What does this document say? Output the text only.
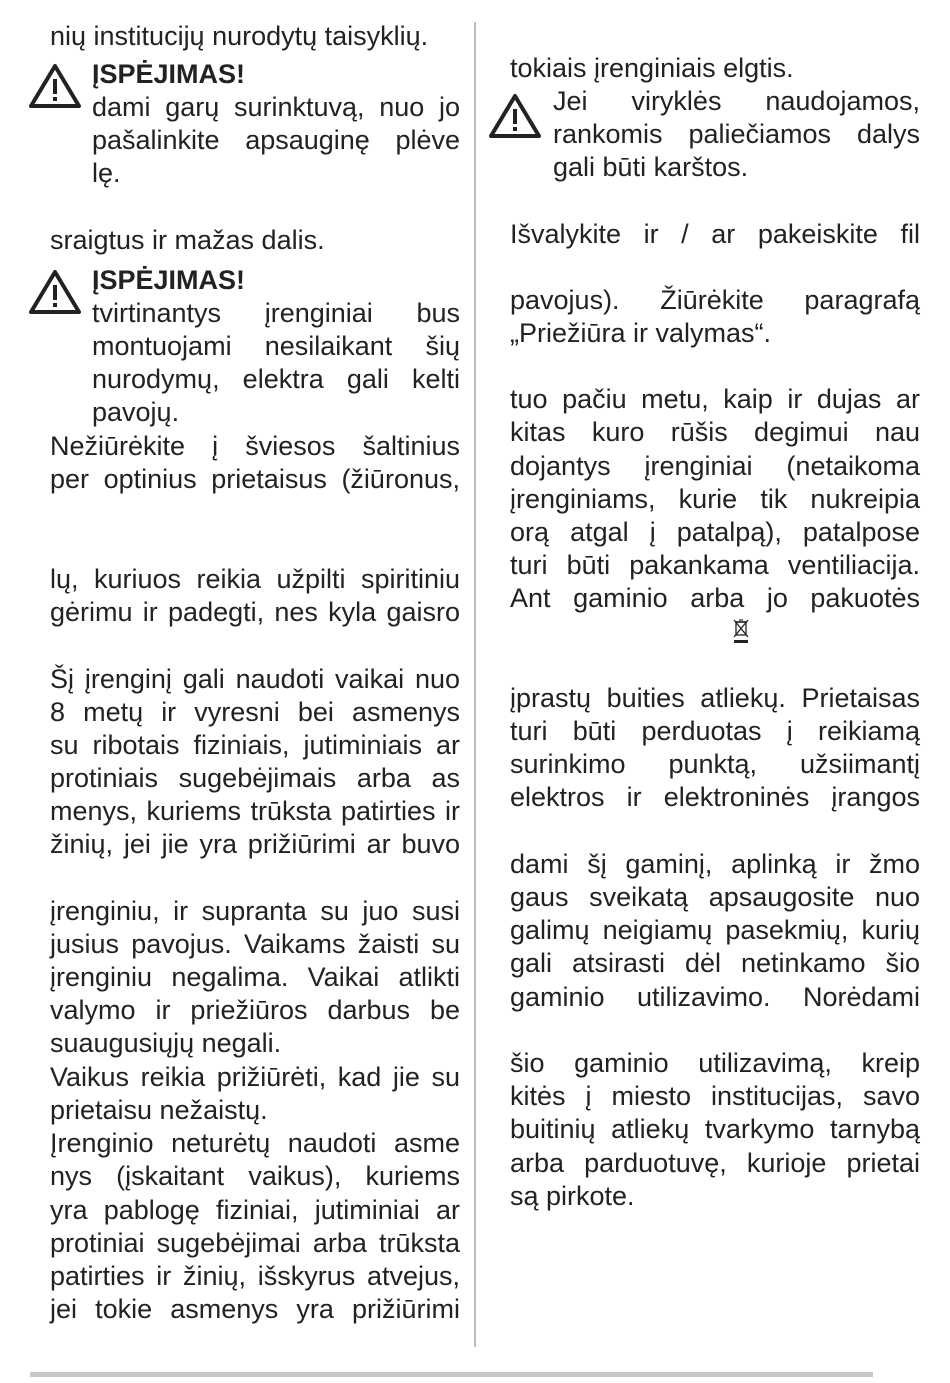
nių institucijų nurodytų taisyklių.
ĮSPĖJIMAS!
dami garų surinktuvą, nuo jo
pašalinkite apsauginę plėve
lę.
sraigtus ir mažas dalis.
ĮSPĖJIMAS!
tvirtinantys įrenginiai bus
montuojami nesilaikant šių
nurodymų, elektra gali kelti
pavojų.
Nežiūrėkite į šviesos šaltinius
per optinius prietaisus (žiūronus,
lų, kuriuos reikia užpilti spiritiniu
gėrimu ir padegti, nes kyla gaisro
Šį įrenginį gali naudoti vaikai nuo
8 metų ir vyresni bei asmenys
su ribotais fiziniais, jutiminiais ar
protiniais sugebėjimais arba as
menys, kuriems trūksta patirties ir
žinių, jei jie yra prižiūrimi ar buvo
įrenginiu, ir supranta su juo susi
jusius pavojus. Vaikams žaisti su
įrenginiu negalima. Vaikai atlikti
valymo ir priežiūros darbus be
suaugusiųjų negali.
Vaikus reikia prižiūrėti, kad jie su
prietaisu nežaistų.
Įrenginio neturėtų naudoti asme
nys (įskaitant vaikus), kuriems
yra pablogę fiziniai, jutiminiai ar
protiniai sugebėjimai arba trūksta
patirties ir žinių, išskyrus atvejus,
jei tokie asmenys yra prižiūrimi
tokiais įrenginiais elgtis.
Jei viryklės naudojamos,
rankomis paliečiamos dalys
gali būti karštos.
Išvalykite ir / ar pakeiskite fil
pavojus). Žiūrėkite paragrafą
„Priežiūra ir valymas“.
tuo pačiu metu, kaip ir dujas ar
kitas kuro rūšis degimui nau
dojantys įrenginiai (netaikoma
įrenginiams, kurie tik nukreipia
orą atgal į patalpą), patalpose
turi būti pakankama ventiliacija.
Ant gaminio arba jo pakuotės
įprastų buities atliekų. Prietaisas
turi būti perduotas į reikiamą
surinkimo punktą, užsiimantį
elektros ir elektroninės įrangos
dami šį gaminį, aplinką ir žmo
gaus sveikatą apsaugosite nuo
galimų neigiamų pasekmių, kurių
gali atsirasti dėl netinkamo šio
gaminio utilizavimo. Norėdami
šio gaminio utilizavimą, kreip
kitės į miesto institucijas, savo
buitinių atliekų tvarkymo tarnybą
arba parduotuvę, kurioje prietai
są pirkote.
